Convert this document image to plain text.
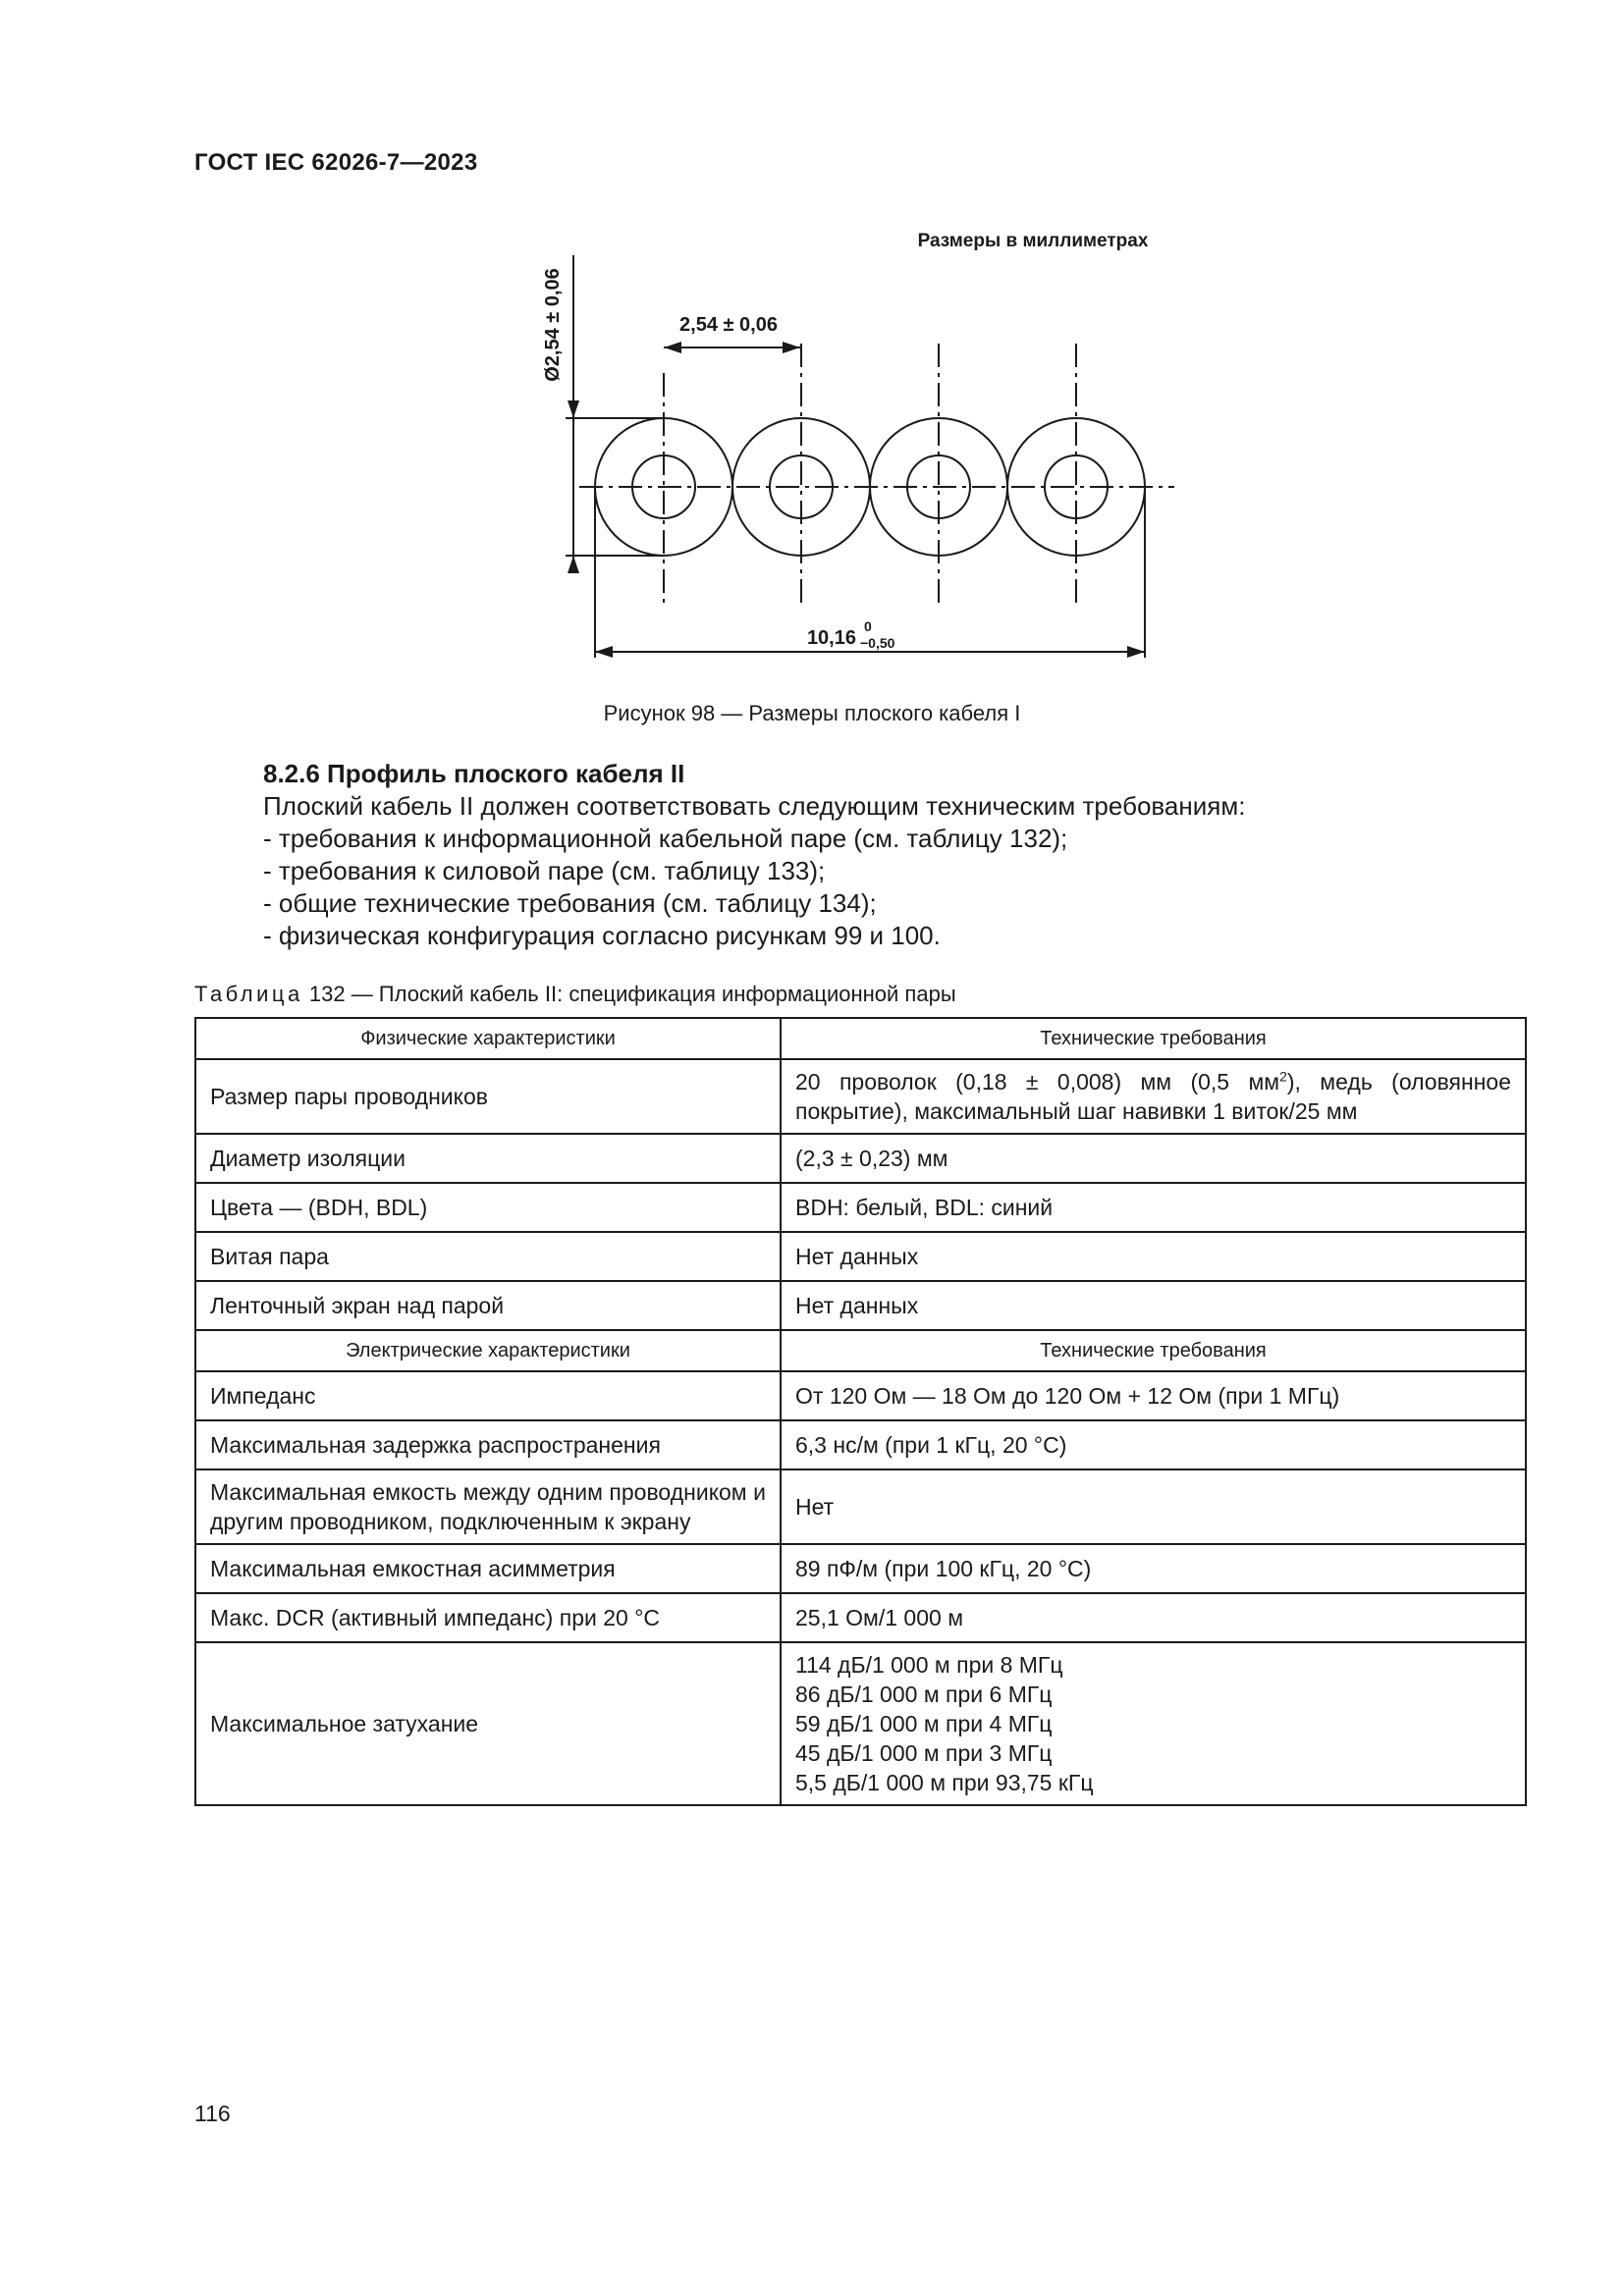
ГОСТ IEC 62026-7—2023
Размеры в миллиметрах
2,54 ± 0,06
Ø2,54 ± 0,06
10,16
0
−0,50
Рисунок 98 — Размеры плоского кабеля I
8.2.6 Профиль плоского кабеля II
Плоский кабель II должен соответствовать следующим техническим требованиям:
- требования к информационной кабельной паре (см. таблицу 132);
- требования к силовой паре (см. таблицу 133);
- общие технические требования (см. таблицу 134);
- физическая конфигурация согласно рисункам 99 и 100.
Таблица 132 — Плоский кабель II: спецификация информационной пары
Физические характеристики	Технические требования
Размер пары проводников	20 проволок (0,18 ± 0,008) мм (0,5 $мм^2$), медь (оловянное покрытие), максимальный шаг навивки 1 виток/25 мм
Диаметр изоляции	(2,3 ± 0,23) мм
Цвета — (BDH, BDL)	BDH: белый, BDL: синий
Витая пара	Нет данных
Ленточный экран над парой	Нет данных
Электрические характеристики	Технические требования
Импеданс	От 120 Ом — 18 Ом до 120 Ом + 12 Ом (при 1 МГц)
Максимальная задержка распространения	6,3 нс/м (при 1 кГц, 20 °C)
Максимальная емкость между одним проводником и другим проводником, подключенным к экрану	Нет
Максимальная емкостная асимметрия	89 пФ/м (при 100 кГц, 20 °C)
Макс. DCR (активный импеданс) при 20 °C	25,1 Ом/1 000 м
Максимальное затухание	114 дБ/1 000 м при 8 МГц
86 дБ/1 000 м при 6 МГц
59 дБ/1 000 м при 4 МГц
45 дБ/1 000 м при 3 МГц
5,5 дБ/1 000 м при 93,75 кГц
116
